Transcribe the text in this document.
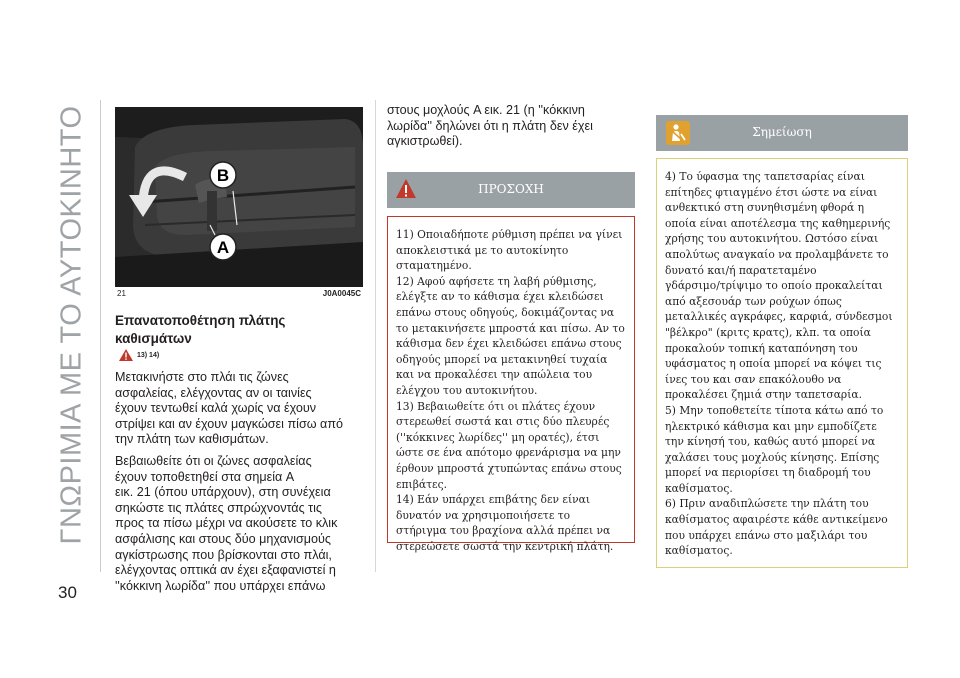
ΓΝΩΡΙΜΙΑ ΜΕ ΤΟ ΑΥΤΟΚΙΝΗΤΟ
30
B
A
21	J0A0045C
Επανατοποθέτηση πλάτης
καθισμάτων
13) 14)

Μετακινήστε στο πλάι τις ζώνες
ασφαλείας, ελέγχοντας αν οι ταινίες
έχουν τεντωθεί καλά χωρίς να έχουν
στρίψει και αν έχουν μαγκώσει πίσω από
την πλάτη των καθισμάτων.

Βεβαιωθείτε ότι οι ζώνες ασφαλείας
έχουν τοποθετηθεί στα σημεία A
εικ. 21 (όπου υπάρχουν), στη συνέχεια
σηκώστε τις πλάτες σπρώχνοντάς τις
προς τα πίσω μέχρι να ακούσετε το κλικ
ασφάλισης και στους δύο μηχανισμούς
αγκίστρωσης που βρίσκονται στο πλάι,
ελέγχοντας οπτικά αν έχει εξαφανιστεί η
''κόκκινη λωρίδα'' που υπάρχει επάνω

στους μοχλούς A εικ. 21 (η ''κόκκινη
λωρίδα'' δηλώνει ότι η πλάτη δεν έχει
αγκιστρωθεί).

ΠΡΟΣΟΧΗ

11) Οποιαδήποτε ρύθμιση πρέπει να γίνει
αποκλειστικά με το αυτοκίνητο
σταματημένο.
12) Αφού αφήσετε τη λαβή ρύθμισης,
ελέγξτε αν το κάθισμα έχει κλειδώσει
επάνω στους οδηγούς, δοκιμάζοντας να
το μετακινήσετε μπροστά και πίσω. Αν το
κάθισμα δεν έχει κλειδώσει επάνω στους
οδηγούς μπορεί να μετακινηθεί τυχαία
και να προκαλέσει την απώλεια του
ελέγχου του αυτοκινήτου.
13) Βεβαιωθείτε ότι οι πλάτες έχουν
στερεωθεί σωστά και στις δύο πλευρές
(''κόκκινες λωρίδες'' μη ορατές), έτσι
ώστε σε ένα απότομο φρενάρισμα να μην
έρθουν μπροστά χτυπώντας επάνω στους
επιβάτες.
14) Εάν υπάρχει επιβάτης δεν είναι
δυνατόν να χρησιμοποιήσετε το
στήριγμα του βραχίονα αλλά πρέπει να
στερεώσετε σωστά την κεντρική πλάτη.

Σημείωση

4) Το ύφασμα της ταπετσαρίας είναι
επίτηδες φτιαγμένο έτσι ώστε να είναι
ανθεκτικό στη συνηθισμένη φθορά η
οποία είναι αποτέλεσμα της καθημερινής
χρήσης του αυτοκινήτου. Ωστόσο είναι
απολύτως αναγκαίο να προλαμβάνετε το
δυνατό και/ή παρατεταμένο
γδάρσιμο/τρίψιμο το οποίο προκαλείται
από αξεσουάρ των ρούχων όπως
μεταλλικές αγκράφες, καρφιά, σύνδεσμοι
"βέλκρο" (κριτς κρατς), κλπ. τα οποία
προκαλούν τοπική καταπόνηση του
υφάσματος η οποία μπορεί να κόψει τις
ίνες του και σαν επακόλουθο να
προκαλέσει ζημιά στην ταπετσαρία.
5) Μην τοποθετείτε τίποτα κάτω από το
ηλεκτρικό κάθισμα και μην εμποδίζετε
την κίνησή του, καθώς αυτό μπορεί να
χαλάσει τους μοχλούς κίνησης. Επίσης
μπορεί να περιορίσει τη διαδρομή του
καθίσματος.
6) Πριν αναδιπλώσετε την πλάτη του
καθίσματος αφαιρέστε κάθε αντικείμενο
που υπάρχει επάνω στο μαξιλάρι του
καθίσματος.
